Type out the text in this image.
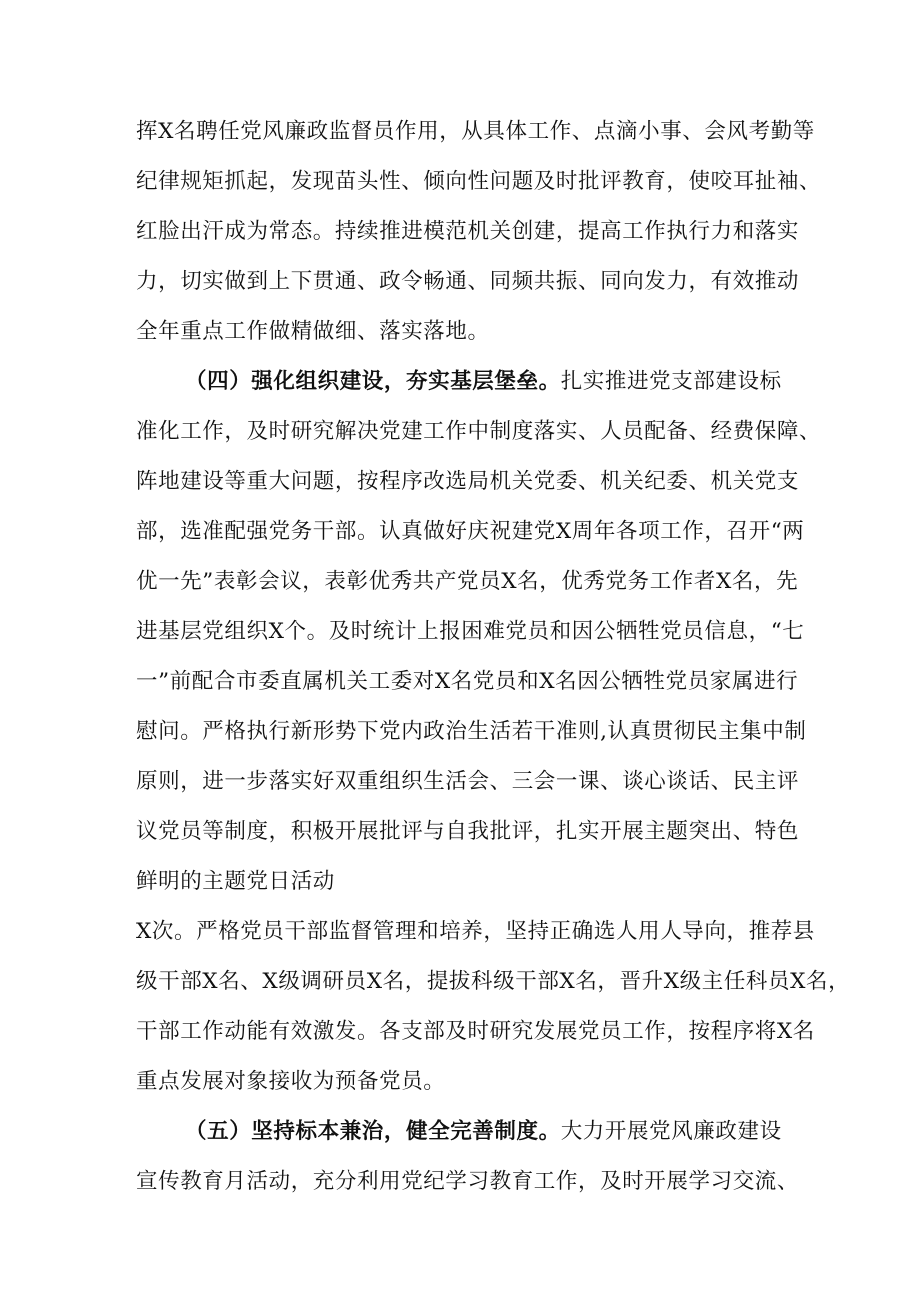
挥X名聘任党风廉政监督员作用，从具体工作、点滴小事、会风考勤等
纪律规矩抓起，发现苗头性、倾向性问题及时批评教育，使咬耳扯袖、
红脸出汗成为常态。持续推进模范机关创建，提高工作执行力和落实
力，切实做到上下贯通、政令畅通、同频共振、同向发力，有效推动
全年重点工作做精做细、落实落地。
（四）强化组织建设，夯实基层堡垒。扎实推进党支部建设标
准化工作，及时研究解决党建工作中制度落实、人员配备、经费保障、
阵地建设等重大问题，按程序改选局机关党委、机关纪委、机关党支
部，选准配强党务干部。认真做好庆祝建党X周年各项工作，召开“两
优一先”表彰会议，表彰优秀共产党员X名，优秀党务工作者X名，先
进基层党组织X个。及时统计上报困难党员和因公牺牲党员信息，“七
一”前配合市委直属机关工委对X名党员和X名因公牺牲党员家属进行
慰问。严格执行新形势下党内政治生活若干准则,认真贯彻民主集中制
原则，进一步落实好双重组织生活会、三会一课、谈心谈话、民主评
议党员等制度，积极开展批评与自我批评，扎实开展主题突出、特色
鲜明的主题党日活动
X次。严格党员干部监督管理和培养，坚持正确选人用人导向，推荐县
级干部X名、X级调研员X名，提拔科级干部X名，晋升X级主任科员X名，
干部工作动能有效激发。各支部及时研究发展党员工作，按程序将X名
重点发展对象接收为预备党员。
（五）坚持标本兼治，健全完善制度。大力开展党风廉政建设
宣传教育月活动，充分利用党纪学习教育工作，及时开展学习交流、
